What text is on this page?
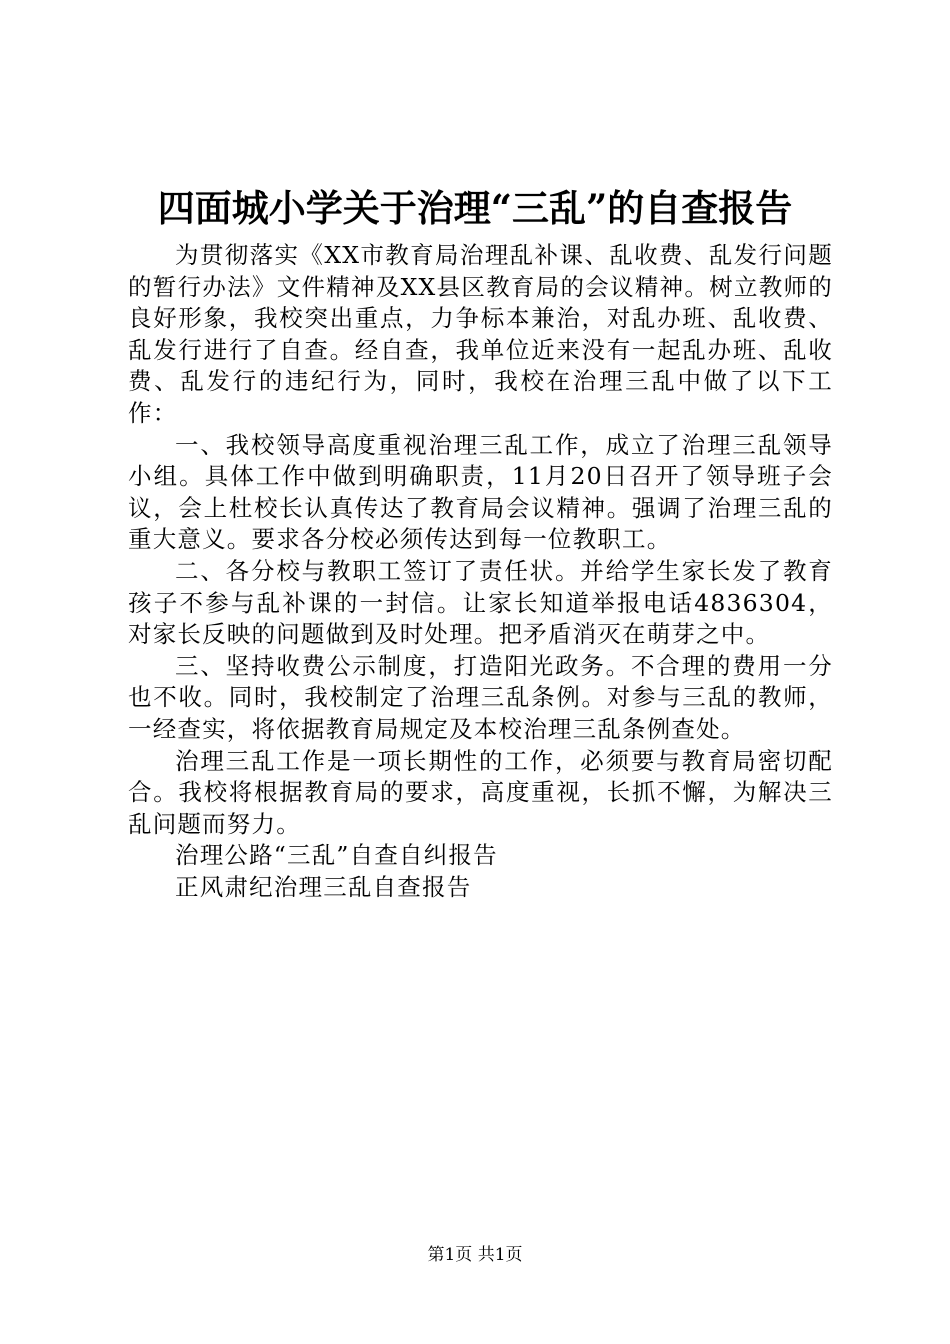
四面城小学关于治理“三乱”的自查报告

为贯彻落实《XX市教育局治理乱补课、乱收费、乱发行问题的暂行办法》文件精神及XX县区教育局的会议精神。树立教师的良好形象，我校突出重点，力争标本兼治，对乱办班、乱收费、乱发行进行了自查。经自查，我单位近来没有一起乱办班、乱收费、乱发行的违纪行为，同时，我校在治理三乱中做了以下工作：

一、我校领导高度重视治理三乱工作，成立了治理三乱领导小组。具体工作中做到明确职责，11月20日召开了领导班子会议，会上杜校长认真传达了教育局会议精神。强调了治理三乱的重大意义。要求各分校必须传达到每一位教职工。

二、各分校与教职工签订了责任状。并给学生家长发了教育孩子不参与乱补课的一封信。让家长知道举报电话4836304，对家长反映的问题做到及时处理。把矛盾消灭在萌芽之中。

三、坚持收费公示制度，打造阳光政务。不合理的费用一分也不收。同时，我校制定了治理三乱条例。对参与三乱的教师，一经查实，将依据教育局规定及本校治理三乱条例查处。

治理三乱工作是一项长期性的工作，必须要与教育局密切配合。我校将根据教育局的要求，高度重视，长抓不懈，为解决三乱问题而努力。

治理公路“三乱”自查自纠报告

正风肃纪治理三乱自查报告

第1页 共1页
